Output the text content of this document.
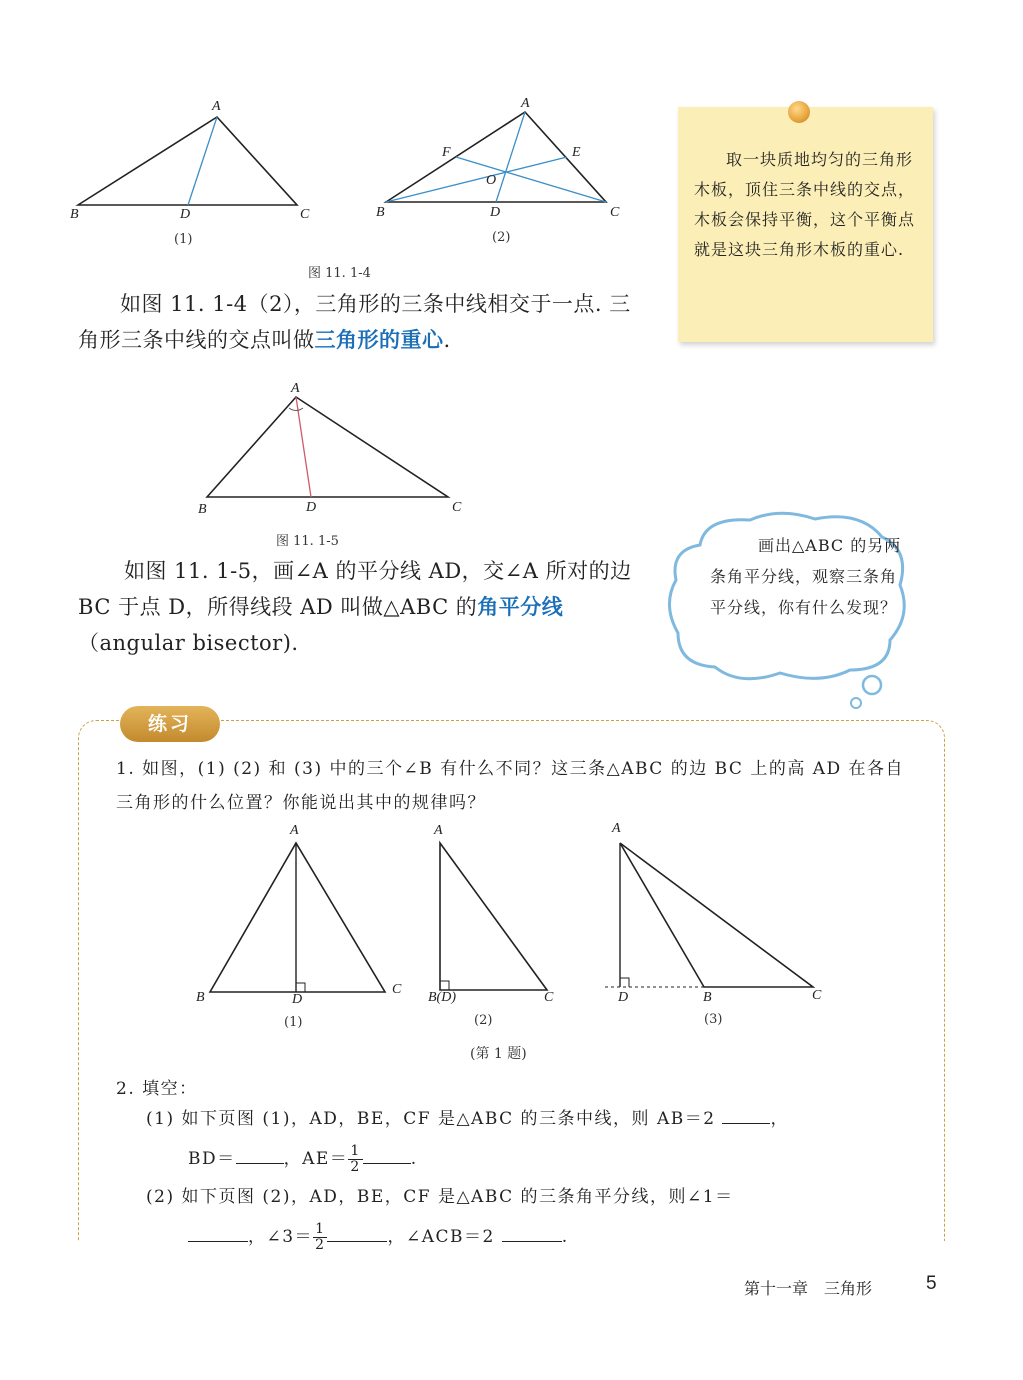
A
B	D	C
(1)
A
F	E
O
B	D	C
(2)
图 11. 1-4
如图 11. 1-4（2），三角形的三条中线相交于一点. 三角形三条中线的交点叫做三角形的重心.
取一块质地均匀的三角形木板，顶住三条中线的交点，木板会保持平衡，这个平衡点就是这块三角形木板的重心.
A
B	D	C
图 11. 1-5
如图 11. 1-5，画∠A 的平分线 AD，交∠A 所对的边 BC 于点 D，所得线段 AD 叫做△ABC 的角平分线（angular bisector).
画出△ABC 的另两条角平分线，观察三条角平分线，你有什么发现？
练习
1. 如图，(1) (2) 和 (3) 中的三个∠B 有什么不同？这三条△ABC 的边 BC 上的高 AD 在各自三角形的什么位置？你能说出其中的规律吗？
A
B	D
C
(1)
A
B(D)	C
(2)
A
D	B	C
(3)
(第 1 题)
2. 填空：
(1) 如下页图 (1)，AD，BE，CF 是△ABC 的三条中线，则 AB＝2	，
BD＝	，$AE= \frac{1}{2}$	.
(2) 如下页图 (2)，AD，BE，CF 是△ABC 的三条角平分线，则∠1＝
，∠3＝ $\frac{1}{2}$	，∠ACB＝2	.
第十一章　三角形	5
